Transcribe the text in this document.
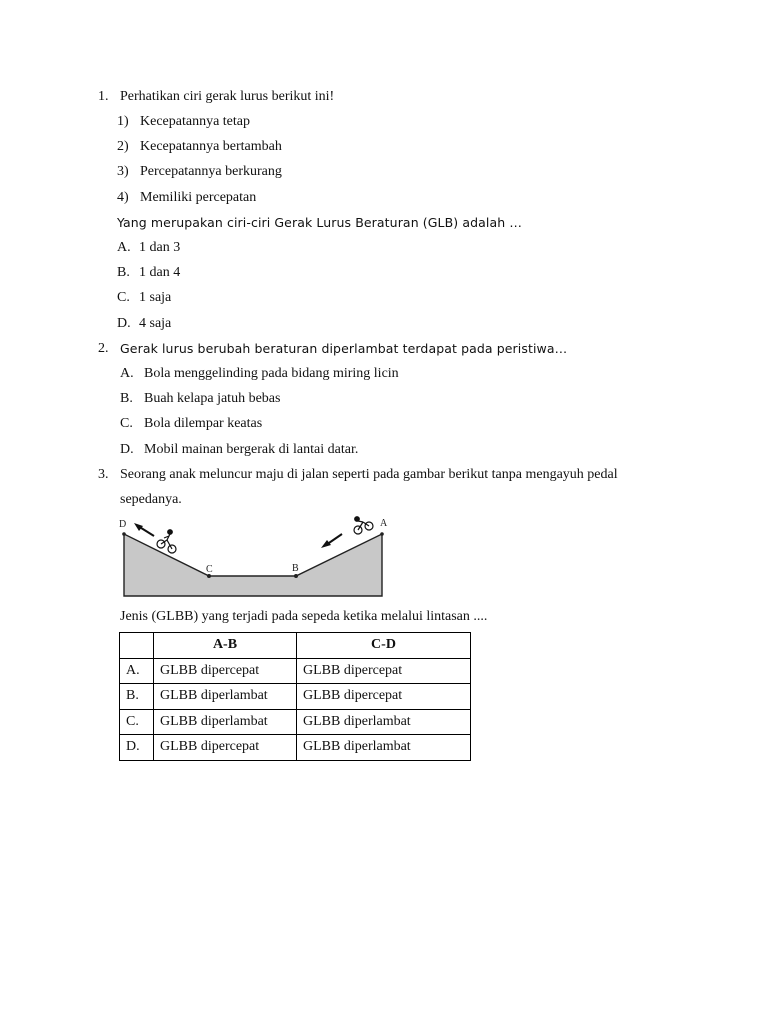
1. Perhatikan ciri gerak lurus berikut ini!
1) Kecepatannya tetap
2) Kecepatannya bertambah
3) Percepatannya berkurang
4) Memiliki percepatan
Yang merupakan ciri-ciri Gerak Lurus Beraturan (GLB) adalah …
A. 1 dan 3
B. 1 dan 4
C. 1 saja
D. 4 saja
2. Gerak lurus berubah beraturan diperlambat terdapat pada peristiwa…
A. Bola menggelinding pada bidang miring licin
B. Buah kelapa jatuh bebas
C. Bola dilempar keatas
D. Mobil mainan bergerak di lantai datar.
3. Seorang anak meluncur maju di jalan seperti pada gambar berikut tanpa mengayuh pedal
sepedanya.
D
C	B
A
Jenis (GLBB) yang terjadi pada sepeda ketika melalui lintasan ....
	A-B	C-D
A.	GLBB dipercepat	GLBB dipercepat
B.	GLBB diperlambat	GLBB dipercepat
C.	GLBB diperlambat	GLBB diperlambat
D.	GLBB dipercepat	GLBB diperlambat
